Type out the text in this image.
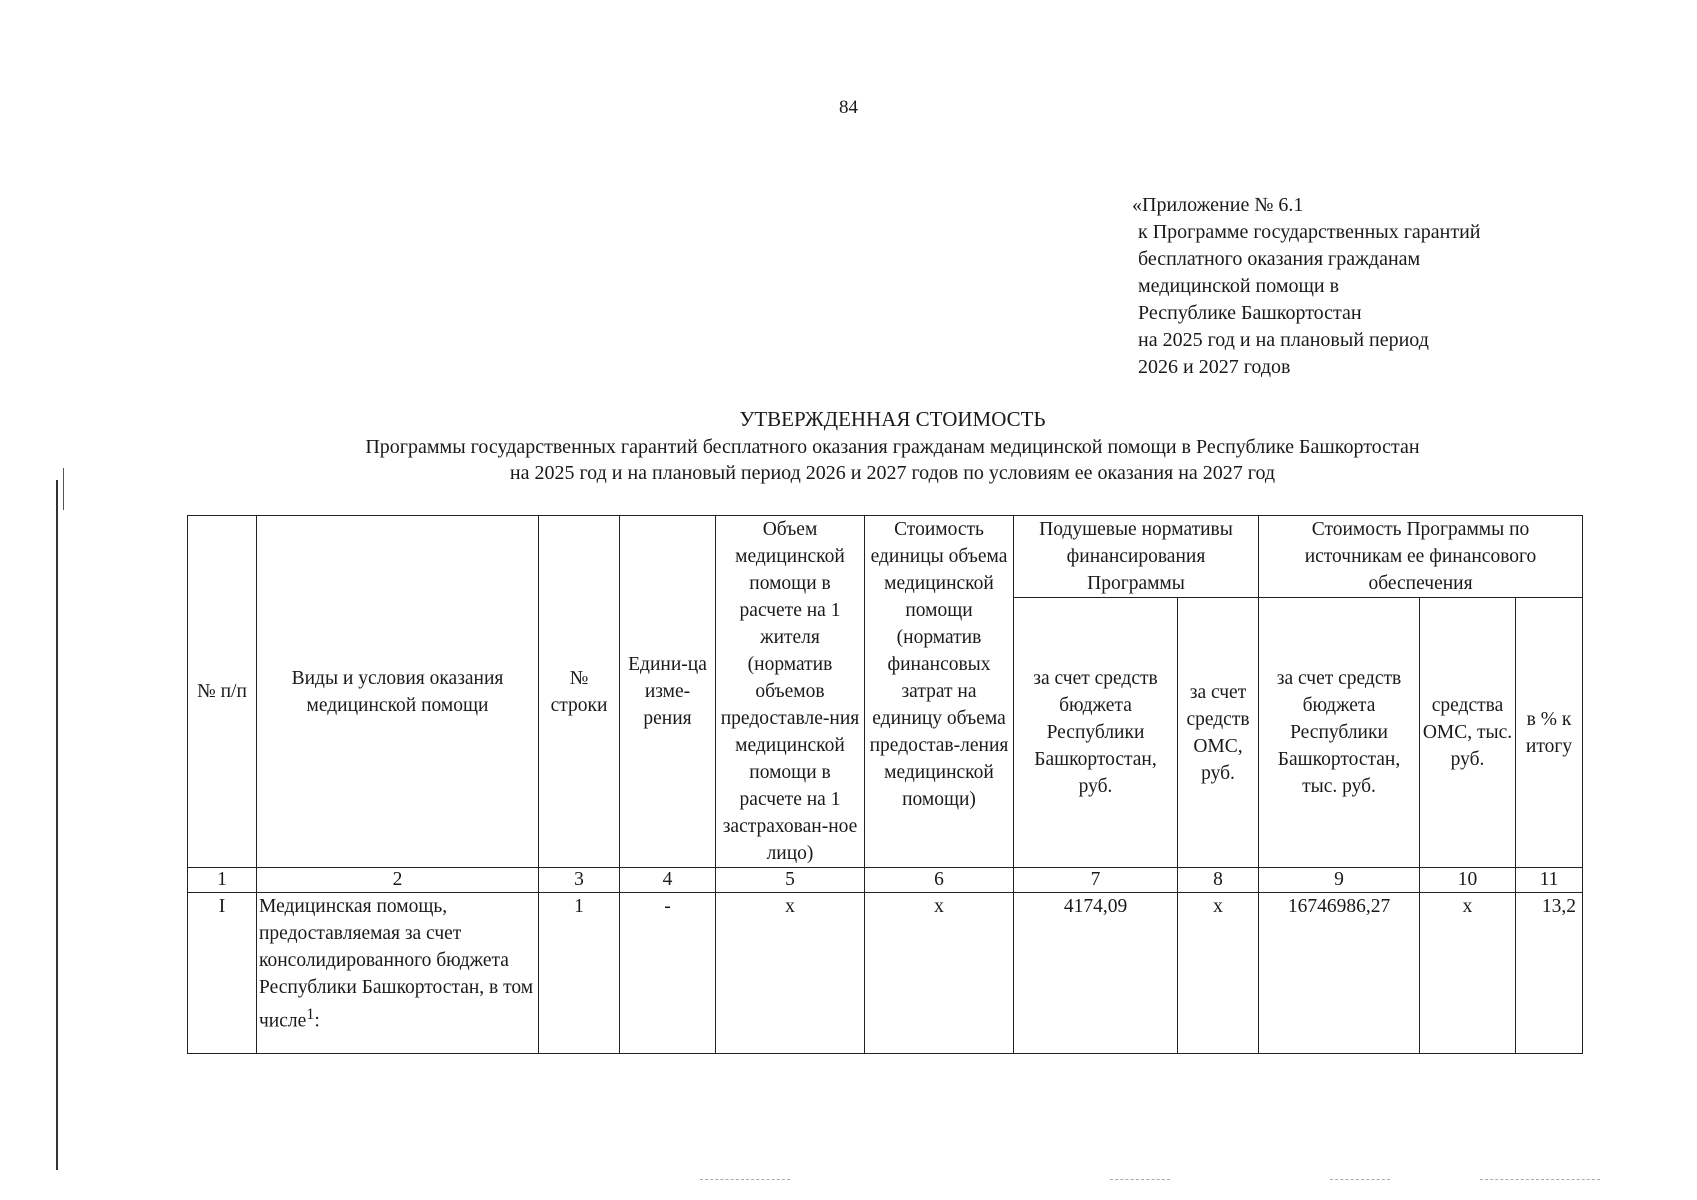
84
«Приложение № 6.1
к Программе государственных гарантий
бесплатного оказания гражданам
медицинской помощи в
Республике Башкортостан
на 2025 год и на плановый период
2026 и 2027 годов
УТВЕРЖДЕННАЯ СТОИМОСТЬ
Программы государственных гарантий бесплатного оказания гражданам медицинской помощи в Республике Башкортостан
на 2025 год и на плановый период 2026 и 2027 годов по условиям ее оказания на 2027 год
№ п/п	Виды и условия оказания медицинской помощи	№ строки	Едини-ца изме-рения	Объем медицинской помощи в расчете на 1 жителя (норматив объемов предоставле-ния медицинской помощи в расчете на 1 застрахован-ное лицо)	Стоимость единицы объема медицинской помощи (норматив финансовых затрат на единицу объема предостав-ления медицинской помощи)	Подушевые нормативы финансирования Программы		Стоимость Программы по источникам ее финансового обеспечения		
						за счет средств бюджета Республики Башкортостан, руб.	за счет средств ОМС, руб.	за счет средств бюджета Республики Башкортостан, тыс. руб.	средства ОМС, тыс. руб.	в % к итогу
1	2	3	4	5	6	7	8	9	10	11
I	Медицинская помощь, предоставляемая за счет консолидированного бюджета Республики Башкортостан, в том числе$^1$:	1	-	х	х	4174,09	х	16746986,27	х	13,2
